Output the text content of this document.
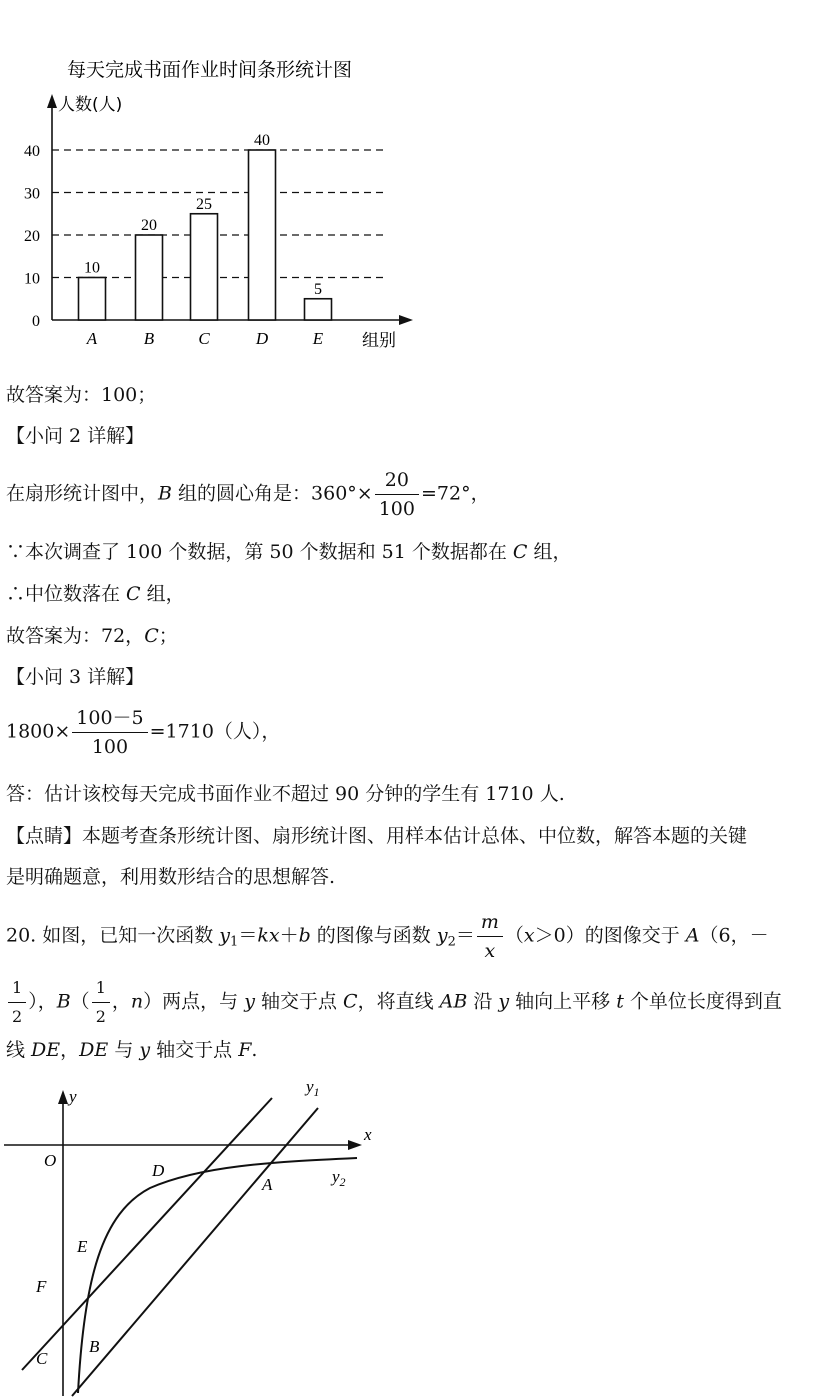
每天完成书面作业时间条形统计图
人数(人)
组别
0
10
20
30
40
A	B	C	D	E
10
20
25
40
5
故答案为：100；
【小问 2 详解】
在扇形统计图中，B 组的圆心角是：$360^\circ\times \frac{20}{100} =72^\circ$，
∵本次调查了 100 个数据，第 50 个数据和 51 个数据都在 C 组，
∴中位数落在 C 组，
故答案为：72，C；
【小问 3 详解】
$1800\times \frac{100-5}{100} =1710$（人），
答：估计该校每天完成书面作业不超过 90 分钟的学生有 1710 人.
【点睛】本题考查条形统计图、扇形统计图、用样本估计总体、中位数，解答本题的关键
是明确题意，利用数形结合的思想解答.
20. 如图，已知一次函数 $y_1=kx+b$ 的图像与函数 $y_2= \frac{m}{x} (x>0)$的图像交于 A（6，－
$\frac{1}{2}$ ），$B( \frac{1}{2}$ ，n）两点，与 y 轴交于点 C，将直线 AB 沿 y 轴向上平移 t 个单位长度得到直
线 DE，DE 与 y 轴交于点 F.
y
$y_1$
x
O
D
A	$y_2$
E
F
B
C
